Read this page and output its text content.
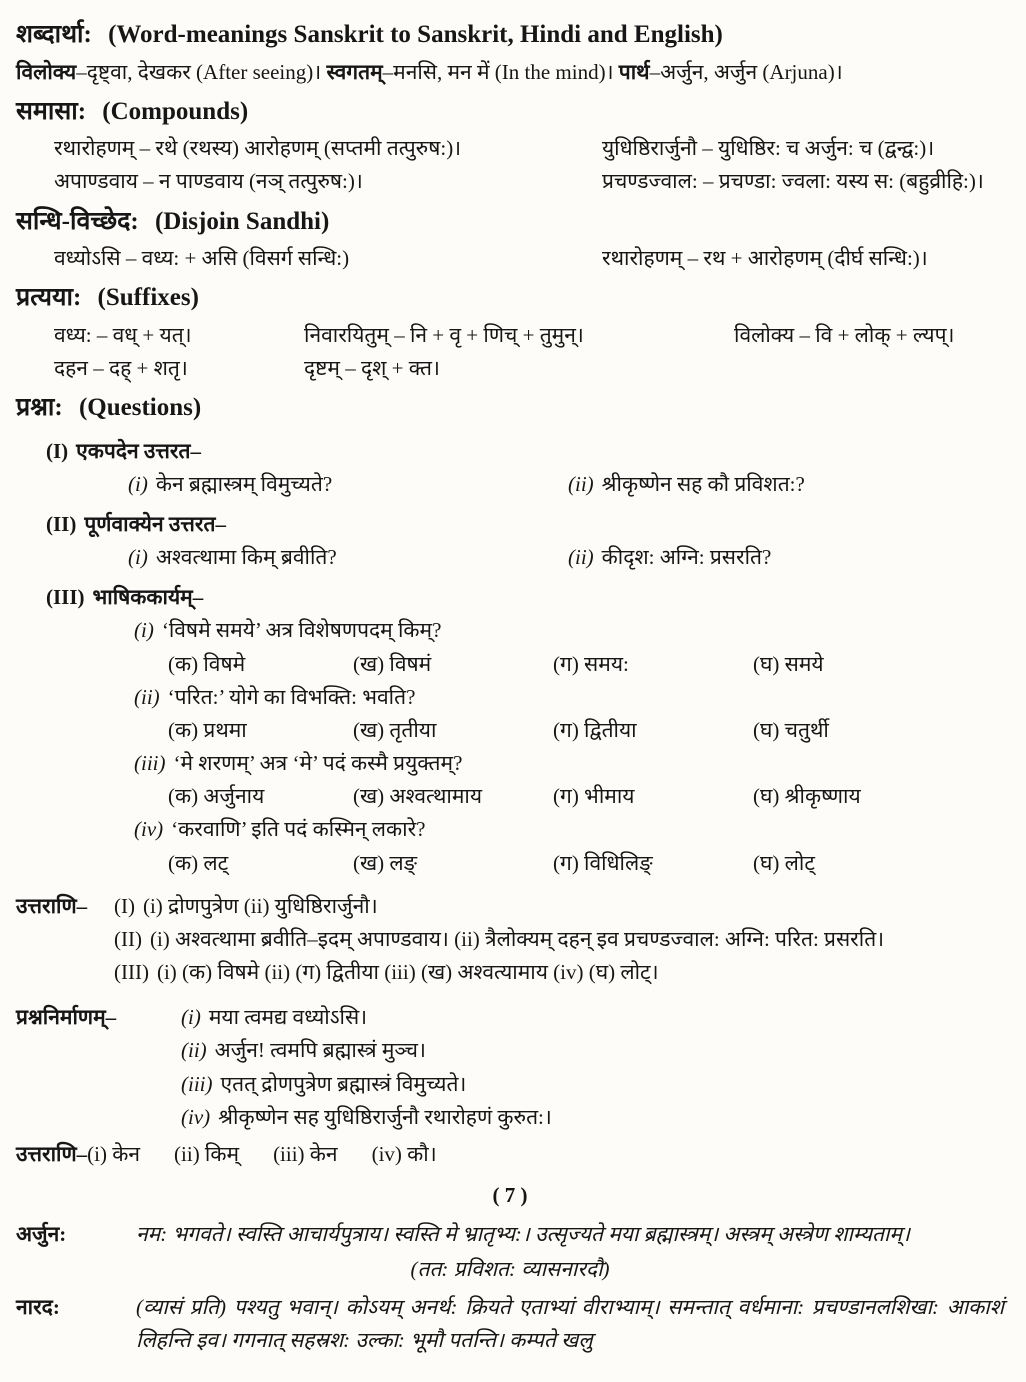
शब्दार्था: (Word-meanings Sanskrit to Sanskrit, Hindi and English)
विलोक्य–दृष्ट्वा, देखकर (After seeing)। स्वगतम्–मनसि, मन में (In the mind)। पार्थ–अर्जुन, अर्जुन (Arjuna)।
समासा: (Compounds)
रथारोहणम् – रथे (रथस्य) आरोहणम् (सप्तमी तत्पुरुष:)।	युधिष्ठिरार्जुनौ – युधिष्ठिर: च अर्जुन: च (द्वन्द्व:)।
अपाण्डवाय – न पाण्डवाय (नञ् तत्पुरुष:)।	प्रचण्डज्वाल: – प्रचण्डा: ज्वला: यस्य स: (बहुव्रीहि:)।
सन्धि-विच्छेद: (Disjoin Sandhi)
वध्योऽसि – वध्य: + असि (विसर्ग सन्धि:)	रथारोहणम् – रथ + आरोहणम् (दीर्घ सन्धि:)।
प्रत्यया: (Suffixes)
वध्य: – वध् + यत्।	निवारयितुम् – नि + वृ + णिच् + तुमुन्।	विलोक्य – वि + लोक् + ल्यप्।
दहन – दह् + शतृ।	दृष्टम् – दृश् + क्त।
प्रश्ना: (Questions)
(I) एकपदेन उत्तरत–
(i) केन ब्रह्मास्त्रम् विमुच्यते?	(ii) श्रीकृष्णेन सह कौ प्रविशत:?
(II) पूर्णवाक्येन उत्तरत–
(i) अश्वत्थामा किम् ब्रवीति?	(ii) कीदृश: अग्नि: प्रसरति?
(III) भाषिककार्यम्–
(i) ‘विषमे समये’ अत्र विशेषणपदम् किम्?
(क) विषमे	(ख) विषमं	(ग) समय:	(घ) समये
(ii) ‘परित:’ योगे का विभक्ति: भवति?
(क) प्रथमा	(ख) तृतीया	(ग) द्वितीया	(घ) चतुर्थी
(iii) ‘मे शरणम्’ अत्र ‘मे’ पदं कस्मै प्रयुक्तम्?
(क) अर्जुनाय	(ख) अश्वत्थामाय	(ग) भीमाय	(घ) श्रीकृष्णाय
(iv) ‘करवाणि’ इति पदं कस्मिन् लकारे?
(क) लट्	(ख) लङ्	(ग) विधिलिङ्	(घ) लोट्
उत्तराणि–	(I) (i) द्रोणपुत्रेण (ii) युधिष्ठिरार्जुनौ।
(II) (i) अश्वत्थामा ब्रवीति–इदम् अपाण्डवाय। (ii) त्रैलोक्यम् दहन् इव प्रचण्डज्वाल: अग्नि: परित: प्रसरति।
(III) (i) (क) विषमे (ii) (ग) द्वितीया (iii) (ख) अश्वत्यामाय (iv) (घ) लोट्।
प्रश्ननिर्माणम्–	(i) मया त्वमद्य वध्योऽसि।
(ii) अर्जुन! त्वमपि ब्रह्मास्त्रं मुञ्च।
(iii) एतत् द्रोणपुत्रेण ब्रह्मास्त्रं विमुच्यते।
(iv) श्रीकृष्णेन सह युधिष्ठिरार्जुनौ रथारोहणं कुरुत:।
उत्तराणि–(i) केन (ii) किम् (iii) केन (iv) कौ।
( 7 )
अर्जुन:	नम: भगवते। स्वस्ति आचार्यपुत्राय। स्वस्ति मे भ्रातृभ्य:। उत्सृज्यते मया ब्रह्मास्त्रम्। अस्त्रम् अस्त्रेण शाम्यताम्।
(तत: प्रविशत: व्यासनारदौ)
नारद:	(व्यासं प्रति) पश्यतु भवान्। कोऽयम् अनर्थ: क्रियते एताभ्यां वीराभ्याम्। समन्तात् वर्धमाना: प्रचण्डानलशिखा: आकाशं लिहन्ति इव। गगनात् सहस्रश: उल्का: भूमौ पतन्ति। कम्पते खलु
